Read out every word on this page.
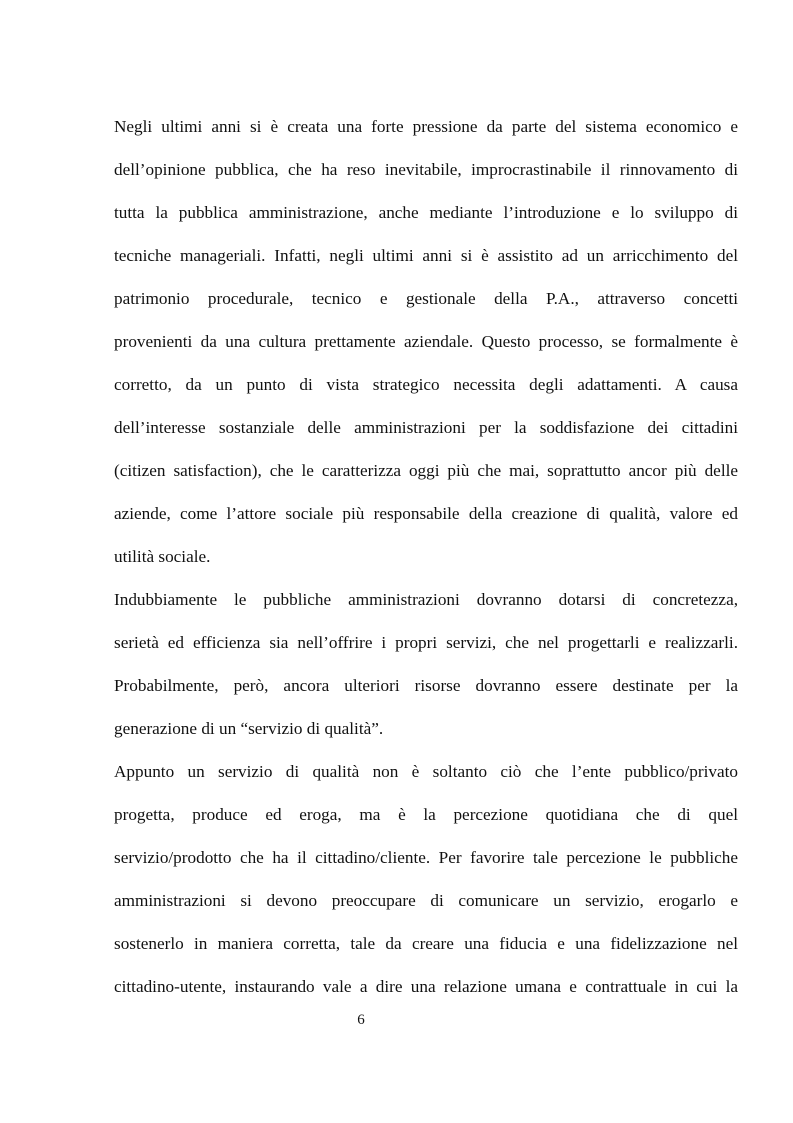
Negli ultimi anni si è creata una forte pressione da parte del sistema economico e
dell’opinione pubblica, che ha reso inevitabile, improcrastinabile il rinnovamento di
tutta la pubblica amministrazione, anche mediante l’introduzione e lo sviluppo di
tecniche manageriali. Infatti, negli ultimi anni si è assistito ad un arricchimento del
patrimonio procedurale, tecnico e gestionale della P.A., attraverso concetti
provenienti da una cultura prettamente aziendale. Questo processo, se formalmente è
corretto, da un punto di vista strategico necessita degli adattamenti. A causa
dell’interesse sostanziale delle amministrazioni per la soddisfazione dei cittadini
(citizen satisfaction), che le caratterizza oggi più che mai, soprattutto ancor più delle
aziende, come l’attore sociale più responsabile della creazione di qualità, valore ed
utilità sociale.
Indubbiamente le pubbliche amministrazioni dovranno dotarsi di concretezza,
serietà ed efficienza sia nell’offrire i propri servizi, che nel progettarli e realizzarli.
Probabilmente, però, ancora ulteriori risorse dovranno essere destinate per la
generazione di un “servizio di qualità”.
Appunto un servizio di qualità non è soltanto ciò che l’ente pubblico/privato
progetta, produce ed eroga, ma è la percezione quotidiana che di quel
servizio/prodotto che ha il cittadino/cliente. Per favorire tale percezione le pubbliche
amministrazioni si devono preoccupare di comunicare un servizio, erogarlo e
sostenerlo in maniera corretta, tale da creare una fiducia e una fidelizzazione nel
cittadino-utente, instaurando vale a dire una relazione umana e contrattuale in cui la
6
